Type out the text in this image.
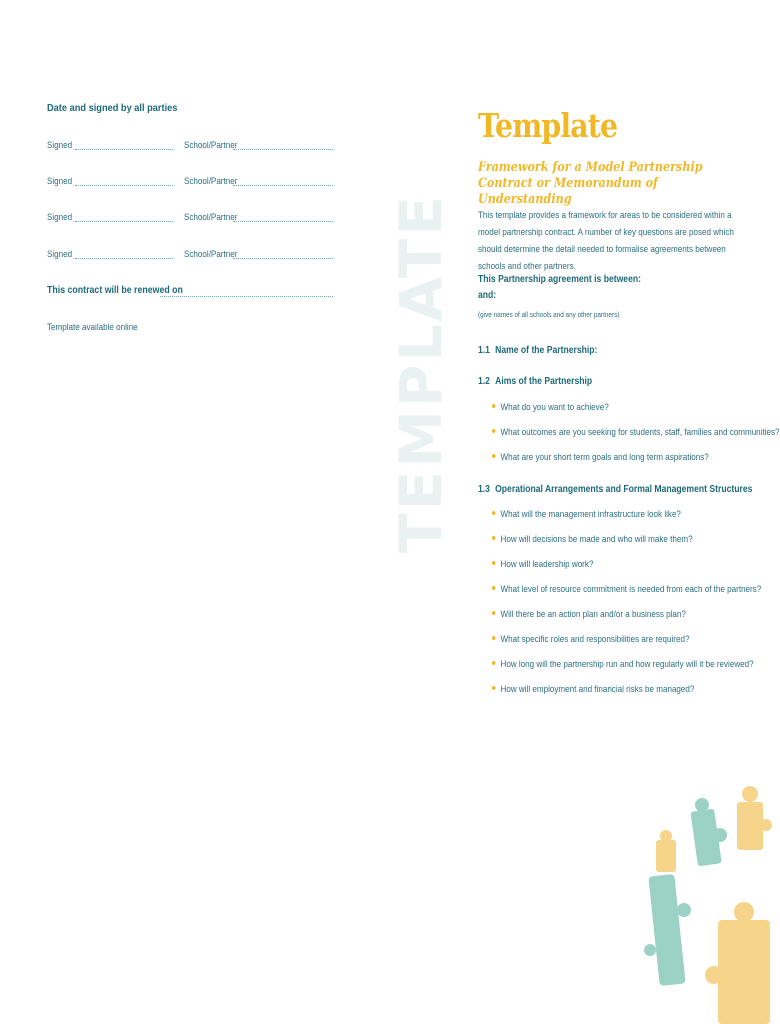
Date and signed by all parties
Signed	School/Partner
Signed	School/Partner
Signed	School/Partner
Signed	School/Partner
This contract will be renewed on
Template available online	TEMPLATE
Template
Framework for a Model Partnership Contract or Memorandum of Understanding
This template provides a framework for areas to be considered within a model partnership contract. A number of key questions are posed which should determine the detail needed to formalise agreements between schools and other partners.
This Partnership agreement is between:
and:
(give names of all schools and any other partners)
1.1 Name of the Partnership:
1.2 Aims of the Partnership
What do you want to achieve?
What outcomes are you seeking for students, staff, families and communities?
What are your short term goals and long term aspirations?
1.3 Operational Arrangements and Formal Management Structures
What will the management infrastructure look like?
How will decisions be made and who will make them?
How will leadership work?
What level of resource commitment is needed from each of the partners?
Will there be an action plan and/or a business plan?
What specific roles and responsibilities are required?
How long will the partnership run and how regularly will it be reviewed?
How will employment and financial risks be managed?
